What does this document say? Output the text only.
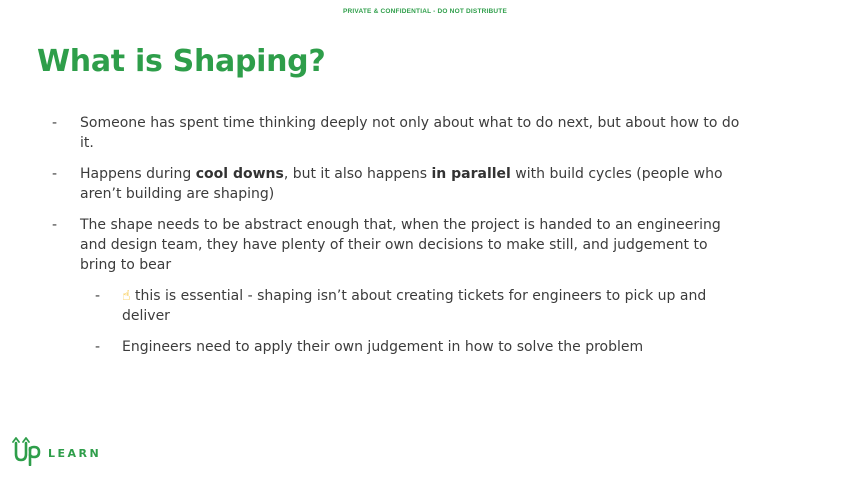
PRIVATE & CONFIDENTIAL - DO NOT DISTRIBUTE
What is Shaping?
- Someone has spent time thinking deeply not only about what to do next, but about how to do it.
- Happens during cool downs, but it also happens in parallel with build cycles (people who aren’t building are shaping)
- The shape needs to be abstract enough that, when the project is handed to an engineering and design team, they have plenty of their own decisions to make still, and judgement to bring to bear
- ☝ this is essential - shaping isn’t about creating tickets for engineers to pick up and deliver
- Engineers need to apply their own judgement in how to solve the problem
LEARN
